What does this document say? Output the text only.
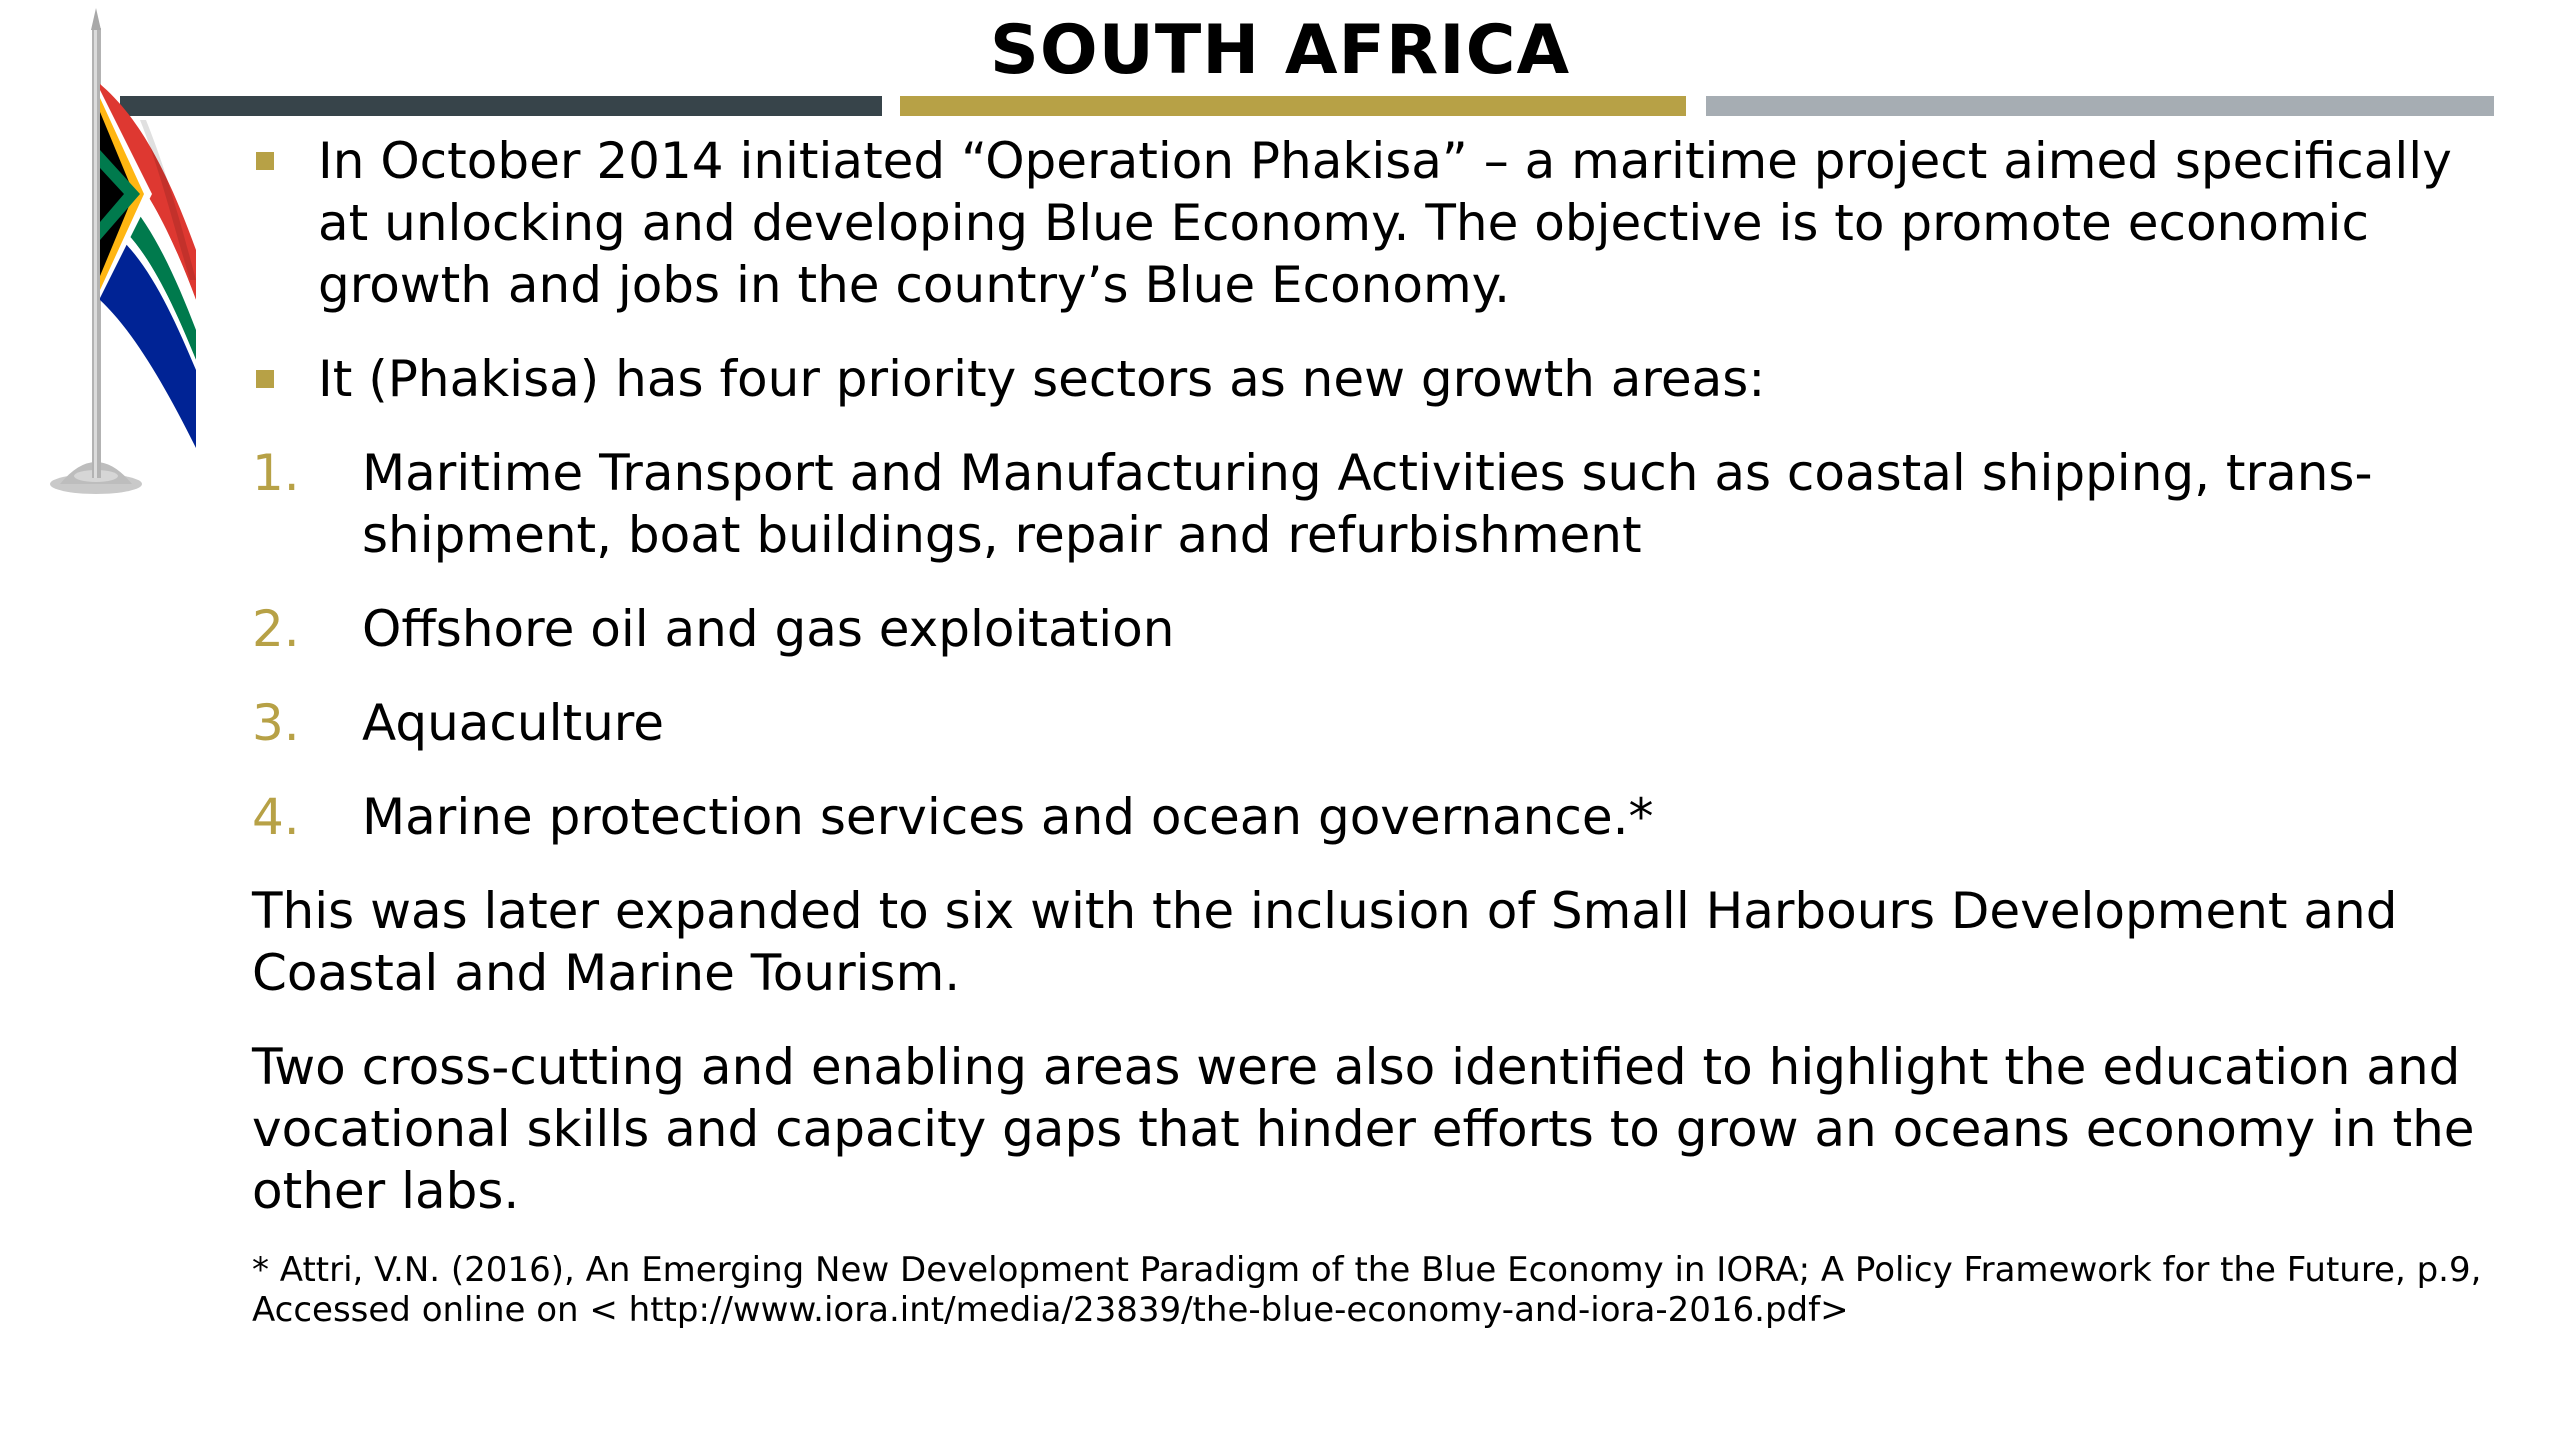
SOUTH AFRICA
In October 2014 initiated “Operation Phakisa” – a maritime project aimed specifically at unlocking and developing Blue Economy. The objective is to promote economic growth and jobs in the country’s Blue Economy.
It (Phakisa) has four priority sectors as new growth areas:
1. Maritime Transport and Manufacturing Activities such as coastal shipping, trans-shipment, boat buildings, repair and refurbishment
2. Offshore oil and gas exploitation
3. Aquaculture
4. Marine protection services and ocean governance.*
This was later expanded to six with the inclusion of Small Harbours Development and Coastal and Marine Tourism.
Two cross-cutting and enabling areas were also identified to highlight the education and vocational skills and capacity gaps that hinder efforts to grow an oceans economy in the other labs.
* Attri, V.N. (2016), An Emerging New Development Paradigm of the Blue Economy in IORA; A Policy Framework for the Future, p.9,
Accessed online on < http://www.iora.int/media/23839/the-blue-economy-and-iora-2016.pdf>
